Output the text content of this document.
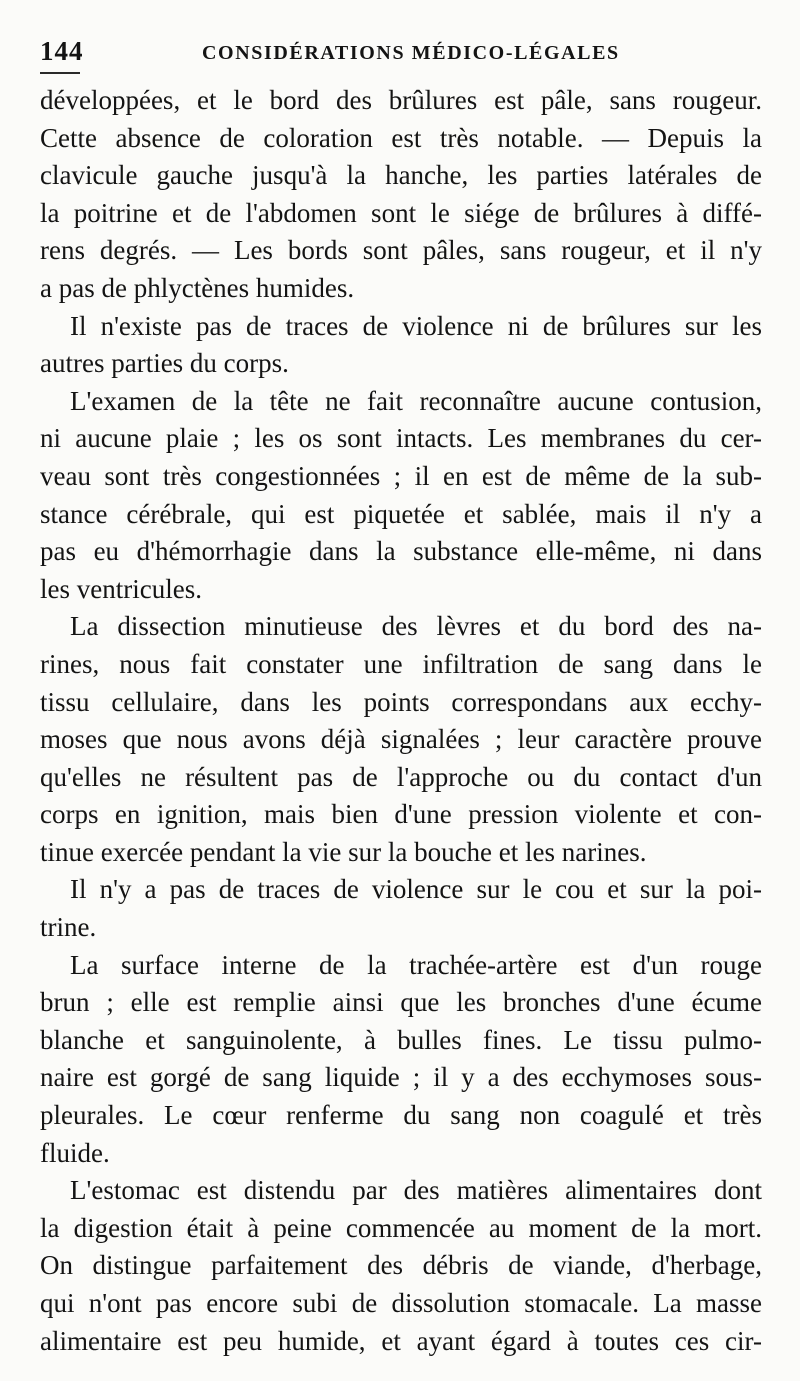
144	CONSIDÉRATIONS MÉDICO-LÉGALES
développées, et le bord des brûlures est pâle, sans rougeur.
Cette absence de coloration est très notable. — Depuis la
clavicule gauche jusqu'à la hanche, les parties latérales de
la poitrine et de l'abdomen sont le siége de brûlures à diffé-
rens degrés. — Les bords sont pâles, sans rougeur, et il n'y
a pas de phlyctènes humides.
Il n'existe pas de traces de violence ni de brûlures sur les
autres parties du corps.
L'examen de la tête ne fait reconnaître aucune contusion,
ni aucune plaie ; les os sont intacts. Les membranes du cer-
veau sont très congestionnées ; il en est de même de la sub-
stance cérébrale, qui est piquetée et sablée, mais il n'y a
pas eu d'hémorrhagie dans la substance elle-même, ni dans
les ventricules.
La dissection minutieuse des lèvres et du bord des na-
rines, nous fait constater une infiltration de sang dans le
tissu cellulaire, dans les points correspondans aux ecchy-
moses que nous avons déjà signalées ; leur caractère prouve
qu'elles ne résultent pas de l'approche ou du contact d'un
corps en ignition, mais bien d'une pression violente et con-
tinue exercée pendant la vie sur la bouche et les narines.
Il n'y a pas de traces de violence sur le cou et sur la poi-
trine.
La surface interne de la trachée-artère est d'un rouge
brun ; elle est remplie ainsi que les bronches d'une écume
blanche et sanguinolente, à bulles fines. Le tissu pulmo-
naire est gorgé de sang liquide ; il y a des ecchymoses sous-
pleurales. Le cœur renferme du sang non coagulé et très
fluide.
L'estomac est distendu par des matières alimentaires dont
la digestion était à peine commencée au moment de la mort.
On distingue parfaitement des débris de viande, d'herbage,
qui n'ont pas encore subi de dissolution stomacale. La masse
alimentaire est peu humide, et ayant égard à toutes ces cir-
